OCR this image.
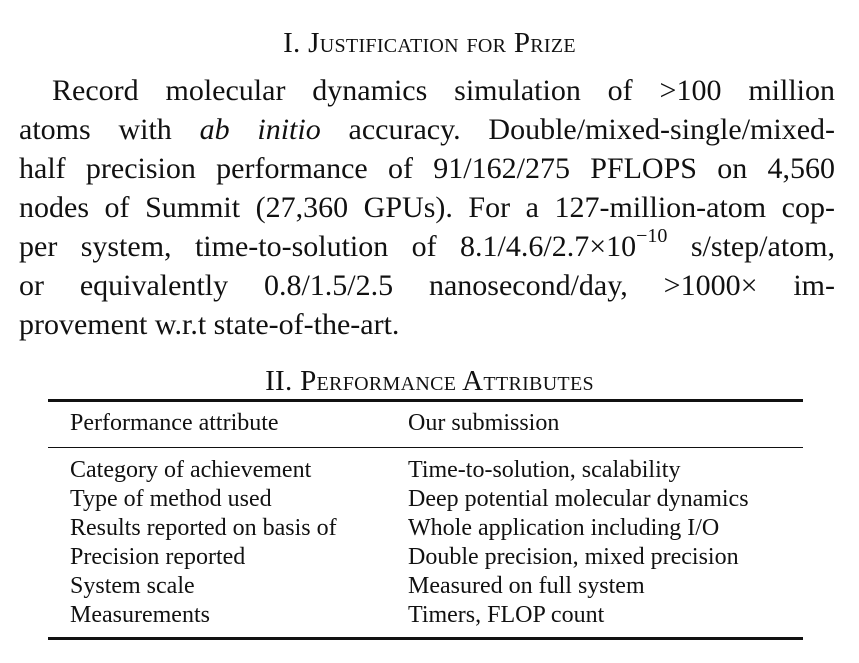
I. Justification for Prize
Record molecular dynamics simulation of >100 million
atoms with ab initio accuracy. Double/mixed-single/mixed-
half precision performance of 91/162/275 PFLOPS on 4,560
nodes of Summit (27,360 GPUs). For a 127-million-atom cop-
per system, time-to-solution of $8.1/4.6/2.7\times 10^{-10}$ s/step/atom,
or equivalently 0.8/1.5/2.5 nanosecond/day, >1000× im-
provement w.r.t state-of-the-art.
II. Performance Attributes
Performance attribute	Our submission
Category of achievement	Time-to-solution, scalability
Type of method used	Deep potential molecular dynamics
Results reported on basis of	Whole application including I/O
Precision reported	Double precision, mixed precision
System scale	Measured on full system
Measurements	Timers, FLOP count
